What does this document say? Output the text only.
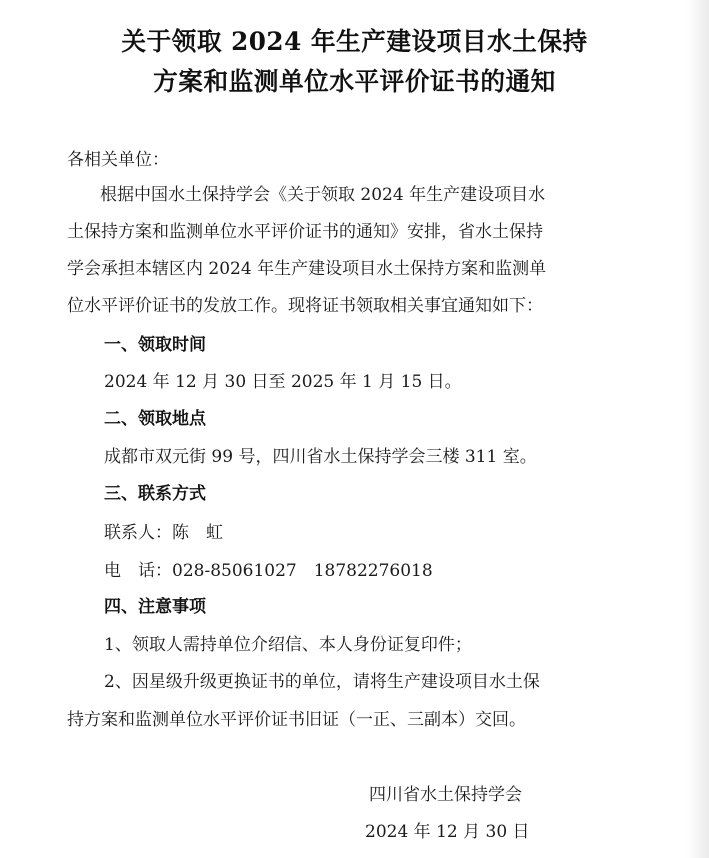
关于领取 2024 年生产建设项目水土保持
方案和监测单位水平评价证书的通知
各相关单位：
根据中国水土保持学会《关于领取 2024 年生产建设项目水
土保持方案和监测单位水平评价证书的通知》安排，省水土保持
学会承担本辖区内 2024 年生产建设项目水土保持方案和监测单
位水平评价证书的发放工作。现将证书领取相关事宜通知如下：
一、领取时间
2024 年 12 月 30 日至 2025 年 1 月 15 日。
二、领取地点
成都市双元街 99 号，四川省水土保持学会三楼 311 室。
三、联系方式
联系人：陈　虹
电　话：028-85061027　18782276018
四、注意事项
1、领取人需持单位介绍信、本人身份证复印件；
2、因星级升级更换证书的单位，请将生产建设项目水土保
持方案和监测单位水平评价证书旧证（一正、三副本）交回。
四川省水土保持学会
2024 年 12 月 30 日
